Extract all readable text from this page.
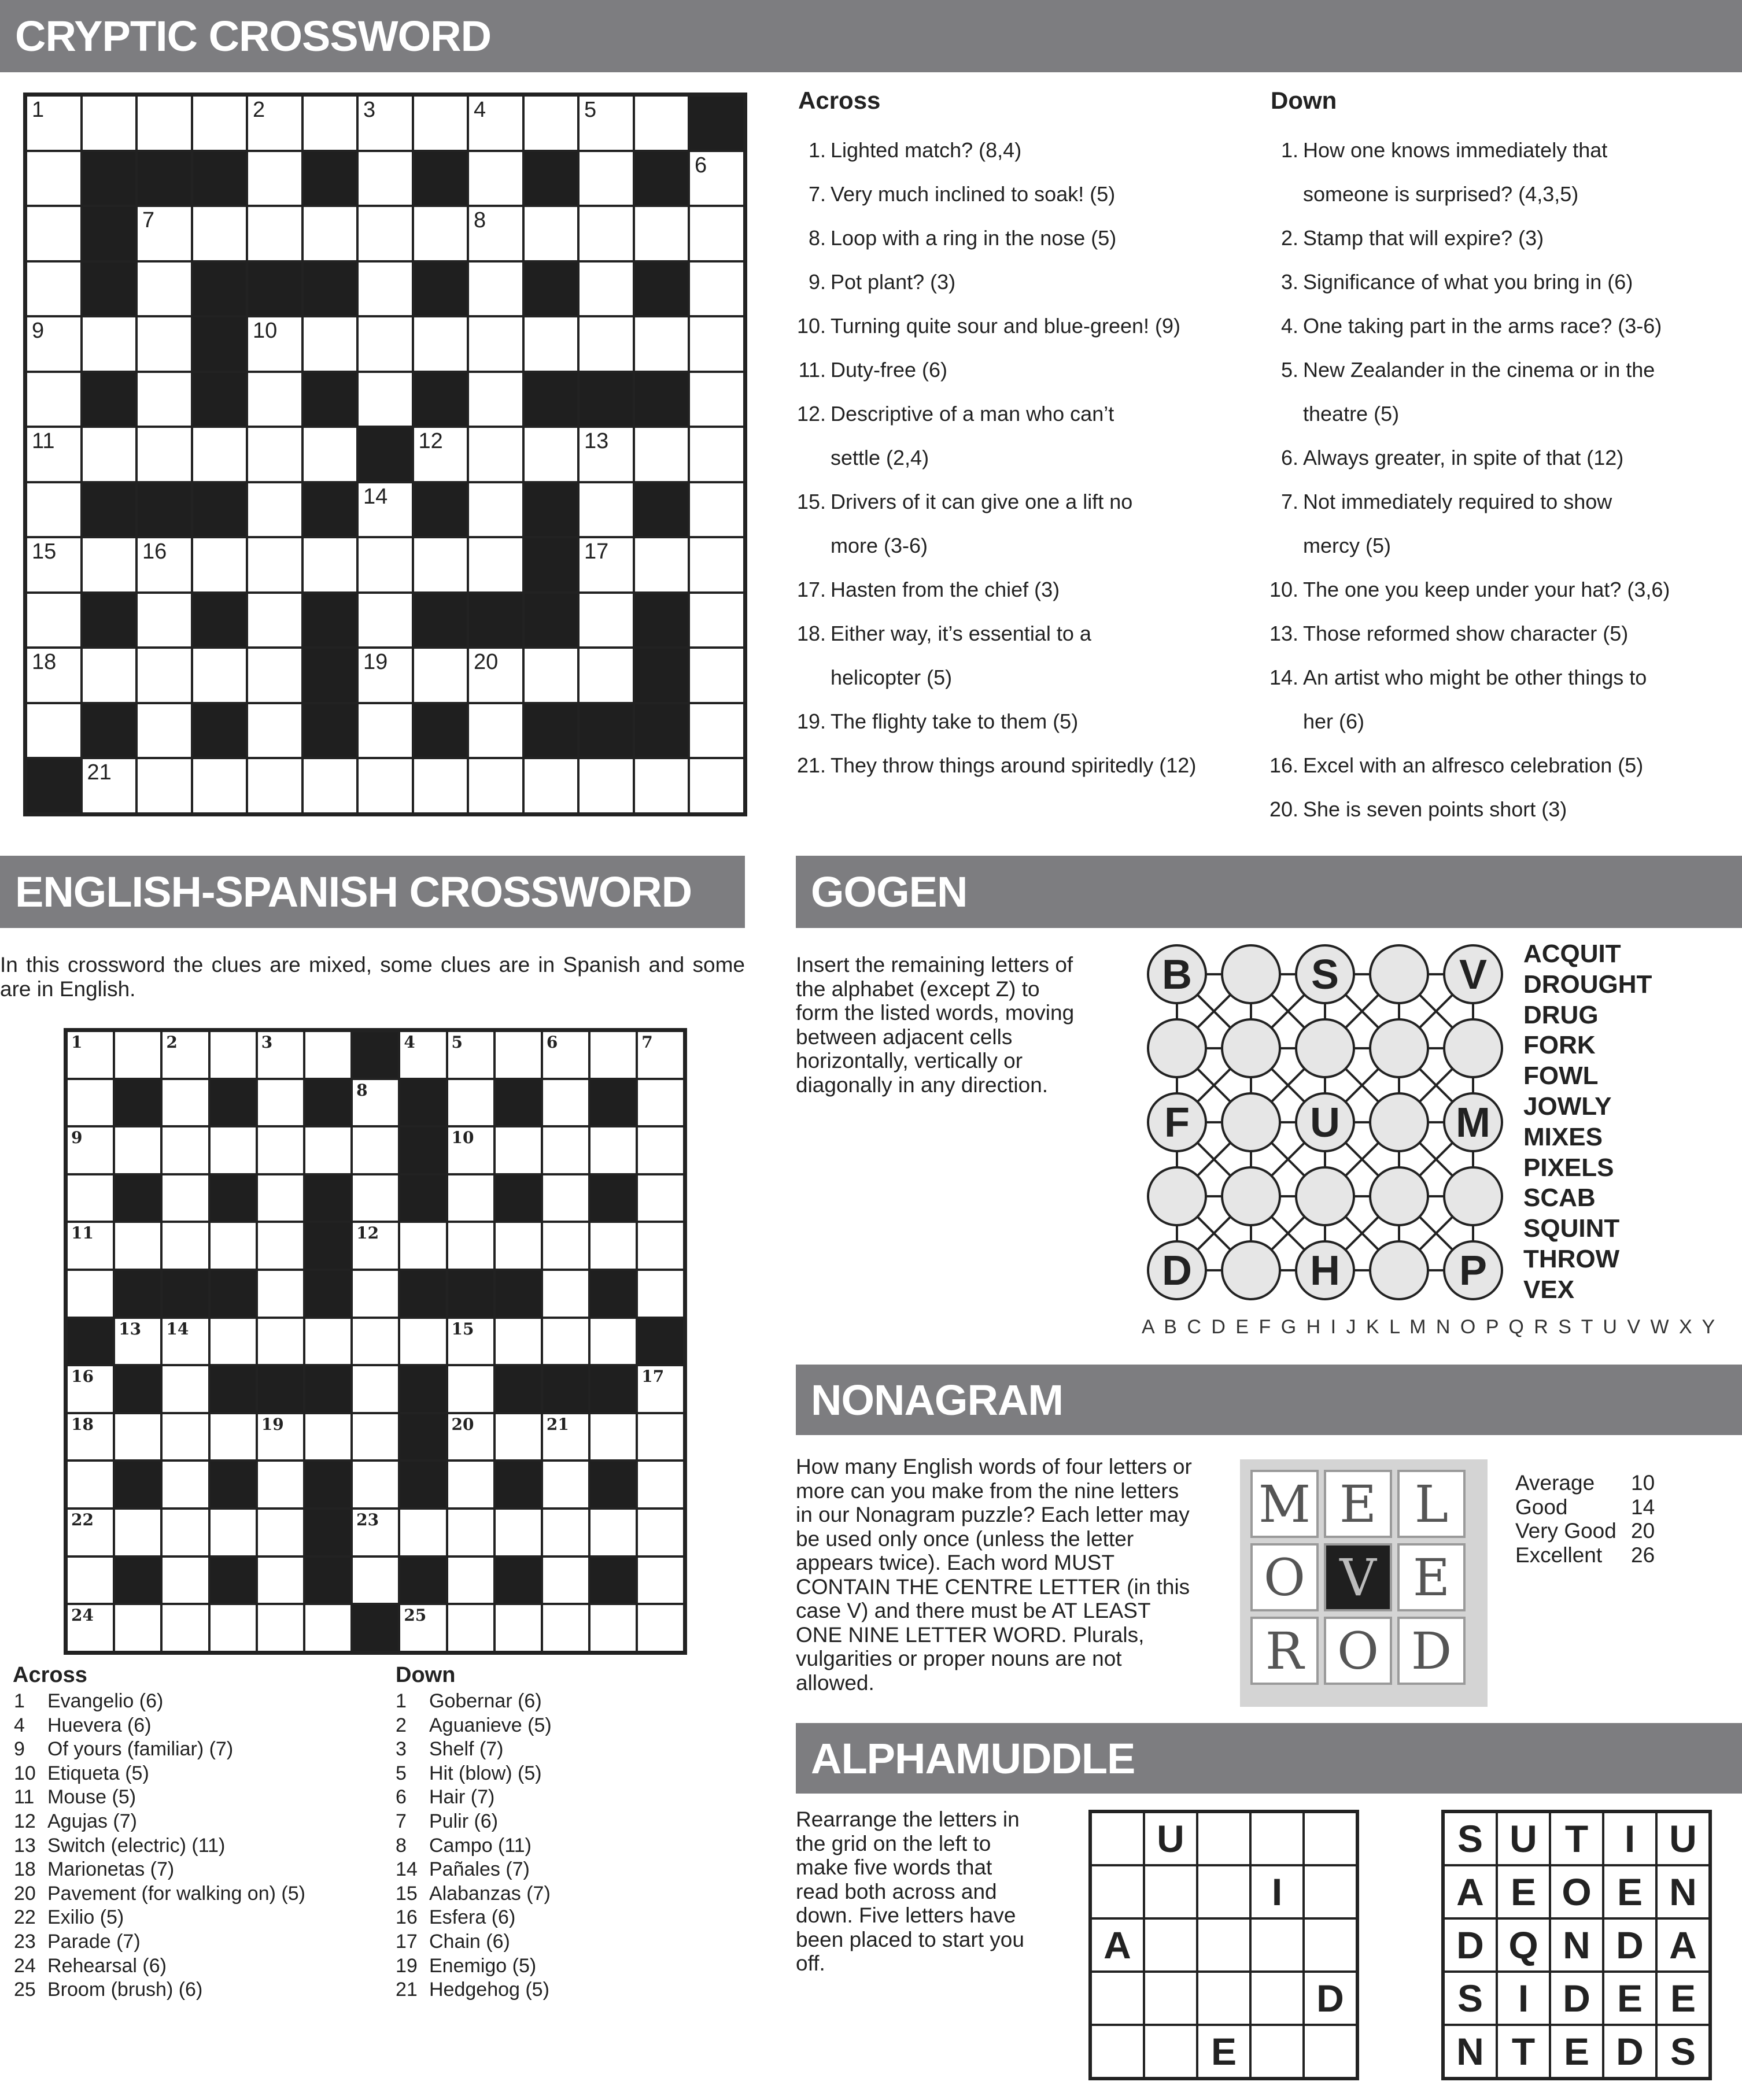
CRYPTIC CROSSWORD
1	2	3	4	5
6
7	8
9	10
11	12	13
14
15	16	17
18	19	20
21
Across
1. Lighted match? (8,4)
7. Very much inclined to soak! (5)
8. Loop with a ring in the nose (5)
9. Pot plant? (3)
10. Turning quite sour and blue-green! (9)
11. Duty-free (6)
12. Descriptive of a man who can’t
settle (2,4)
15. Drivers of it can give one a lift no
more (3-6)
17. Hasten from the chief (3)
18. Either way, it’s essential to a
helicopter (5)
19. The flighty take to them (5)
21. They throw things around spiritedly (12)
Down
1. How one knows immediately that
someone is surprised? (4,3,5)
2. Stamp that will expire? (3)
3. Significance of what you bring in (6)
4. One taking part in the arms race? (3-6)
5. New Zealander in the cinema or in the
theatre (5)
6. Always greater, in spite of that (12)
7. Not immediately required to show
mercy (5)
10. The one you keep under your hat? (3,6)
13. Those reformed show character (5)
14. An artist who might be other things to
her (6)
16. Excel with an alfresco celebration (5)
20. She is seven points short (3)
ENGLISH-SPANISH CROSSWORD
In this crossword the clues are mixed, some clues are in Spanish and some are in English.
1	2	3	4 5	6	7
8
9	10
11	12
13 14	15
16	17
18	19	20	21
22	23
24	25
Across
1 Evangelio (6)
4 Huevera (6)
9 Of yours (familiar) (7)
10 Etiqueta (5)
11 Mouse (5)
12 Agujas (7)
13 Switch (electric) (11)
18 Marionetas (7)
20 Pavement (for walking on) (5)
22 Exilio (5)
23 Parade (7)
24 Rehearsal (6)
25 Broom (brush) (6)
Down
1 Gobernar (6)
2 Aguanieve (5)
3 Shelf (7)
5 Hit (blow) (5)
6 Hair (7)
7 Pulir (6)
8 Campo (11)
14 Pañales (7)
15 Alabanzas (7)
16 Esfera (6)
17 Chain (6)
19 Enemigo (5)
21 Hedgehog (5)
GOGEN
Insert the remaining letters of the alphabet (except Z) to form the listed words, moving between adjacent cells horizontally, vertically or diagonally in any direction.
B	S	V
F	U	M
D	H	P
ACQUIT
DROUGHT
DRUG
FORK
FOWL
JOWLY
MIXES
PIXELS
SCAB
SQUINT
THROW
VEX
A B C D E F G H I J K L M N O P Q R S T U V W X Y
NONAGRAM
How many English words of four letters or more can you make from the nine letters in our Nonagram puzzle? Each letter may be used only once (unless the letter appears twice). Each word MUST CONTAIN THE CENTRE LETTER (in this case V) and there must be AT LEAST ONE NINE LETTER WORD. Plurals, vulgarities or proper nouns are not allowed.
M E L
O V E
R O D
Average 10
Good	14
Very Good 20
Excellent 26
ALPHAMUDDLE
Rearrange the letters in the grid on the left to make five words that read both across and down. Five letters have been placed to start you off.
U
I
A
D
E
S U T I U
A E O E N
D Q N D A
S I D E E
N T E D S
